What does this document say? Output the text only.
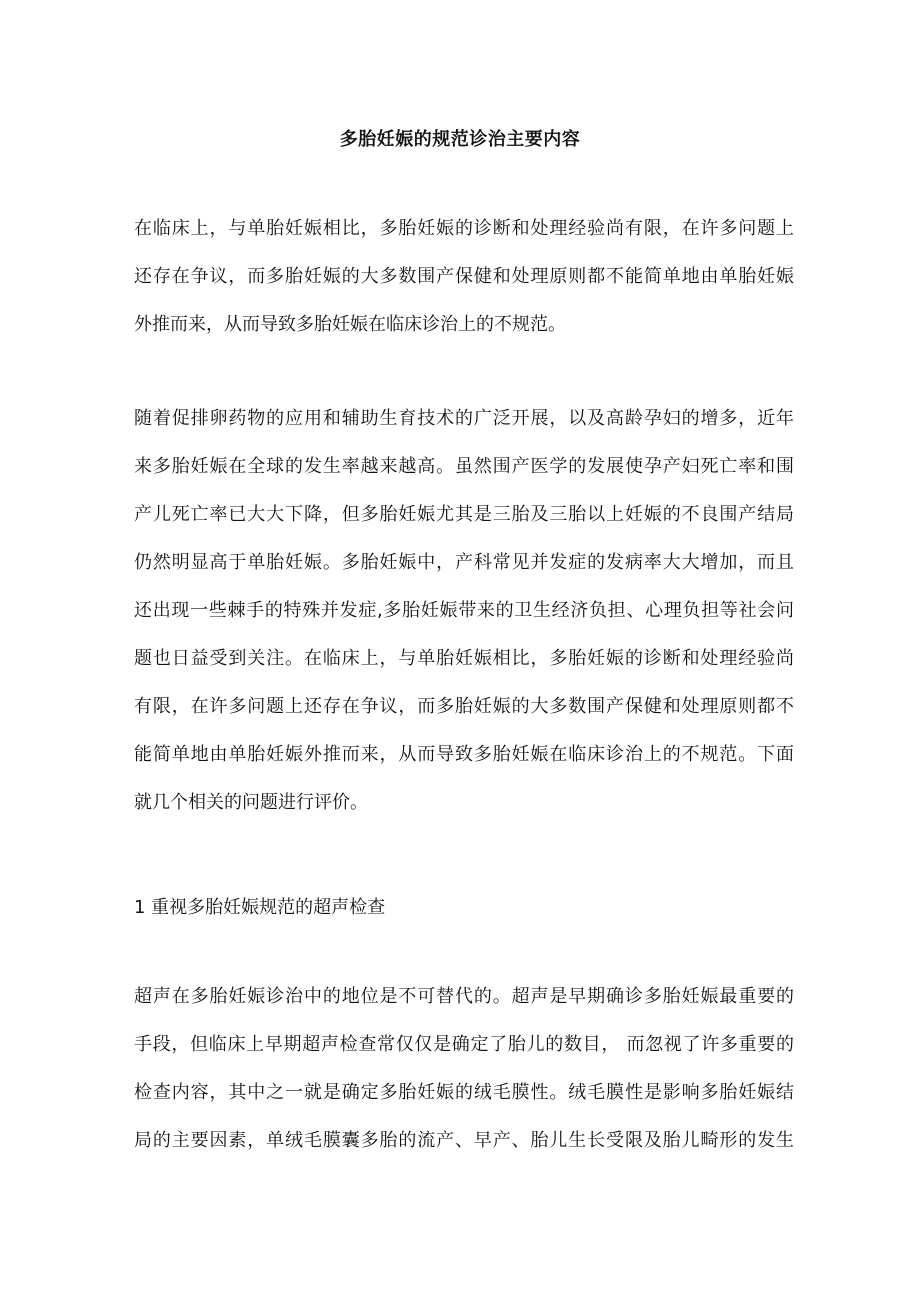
多胎妊娠的规范诊治主要内容
在临床上，与单胎妊娠相比，多胎妊娠的诊断和处理经验尚有限，在许多问题上
还存在争议，而多胎妊娠的大多数围产保健和处理原则都不能简单地由单胎妊娠
外推而来，从而导致多胎妊娠在临床诊治上的不规范。
随着促排卵药物的应用和辅助生育技术的广泛开展，以及高龄孕妇的增多，近年
来多胎妊娠在全球的发生率越来越高。虽然围产医学的发展使孕产妇死亡率和围
产儿死亡率已大大下降，但多胎妊娠尤其是三胎及三胎以上妊娠的不良围产结局
仍然明显高于单胎妊娠。多胎妊娠中，产科常见并发症的发病率大大增加，而且
还出现一些棘手的特殊并发症,多胎妊娠带来的卫生经济负担、心理负担等社会问
题也日益受到关注。在临床上，与单胎妊娠相比，多胎妊娠的诊断和处理经验尚
有限，在许多问题上还存在争议，而多胎妊娠的大多数围产保健和处理原则都不
能简单地由单胎妊娠外推而来，从而导致多胎妊娠在临床诊治上的不规范。下面
就几个相关的问题进行评价。
1 重视多胎妊娠规范的超声检查
超声在多胎妊娠诊治中的地位是不可替代的。超声是早期确诊多胎妊娠最重要的
手段，但临床上早期超声检查常仅仅是确定了胎儿的数目， 而忽视了许多重要的
检查内容，其中之一就是确定多胎妊娠的绒毛膜性。绒毛膜性是影响多胎妊娠结
局的主要因素，单绒毛膜囊多胎的流产、早产、胎儿生长受限及胎儿畸形的发生
